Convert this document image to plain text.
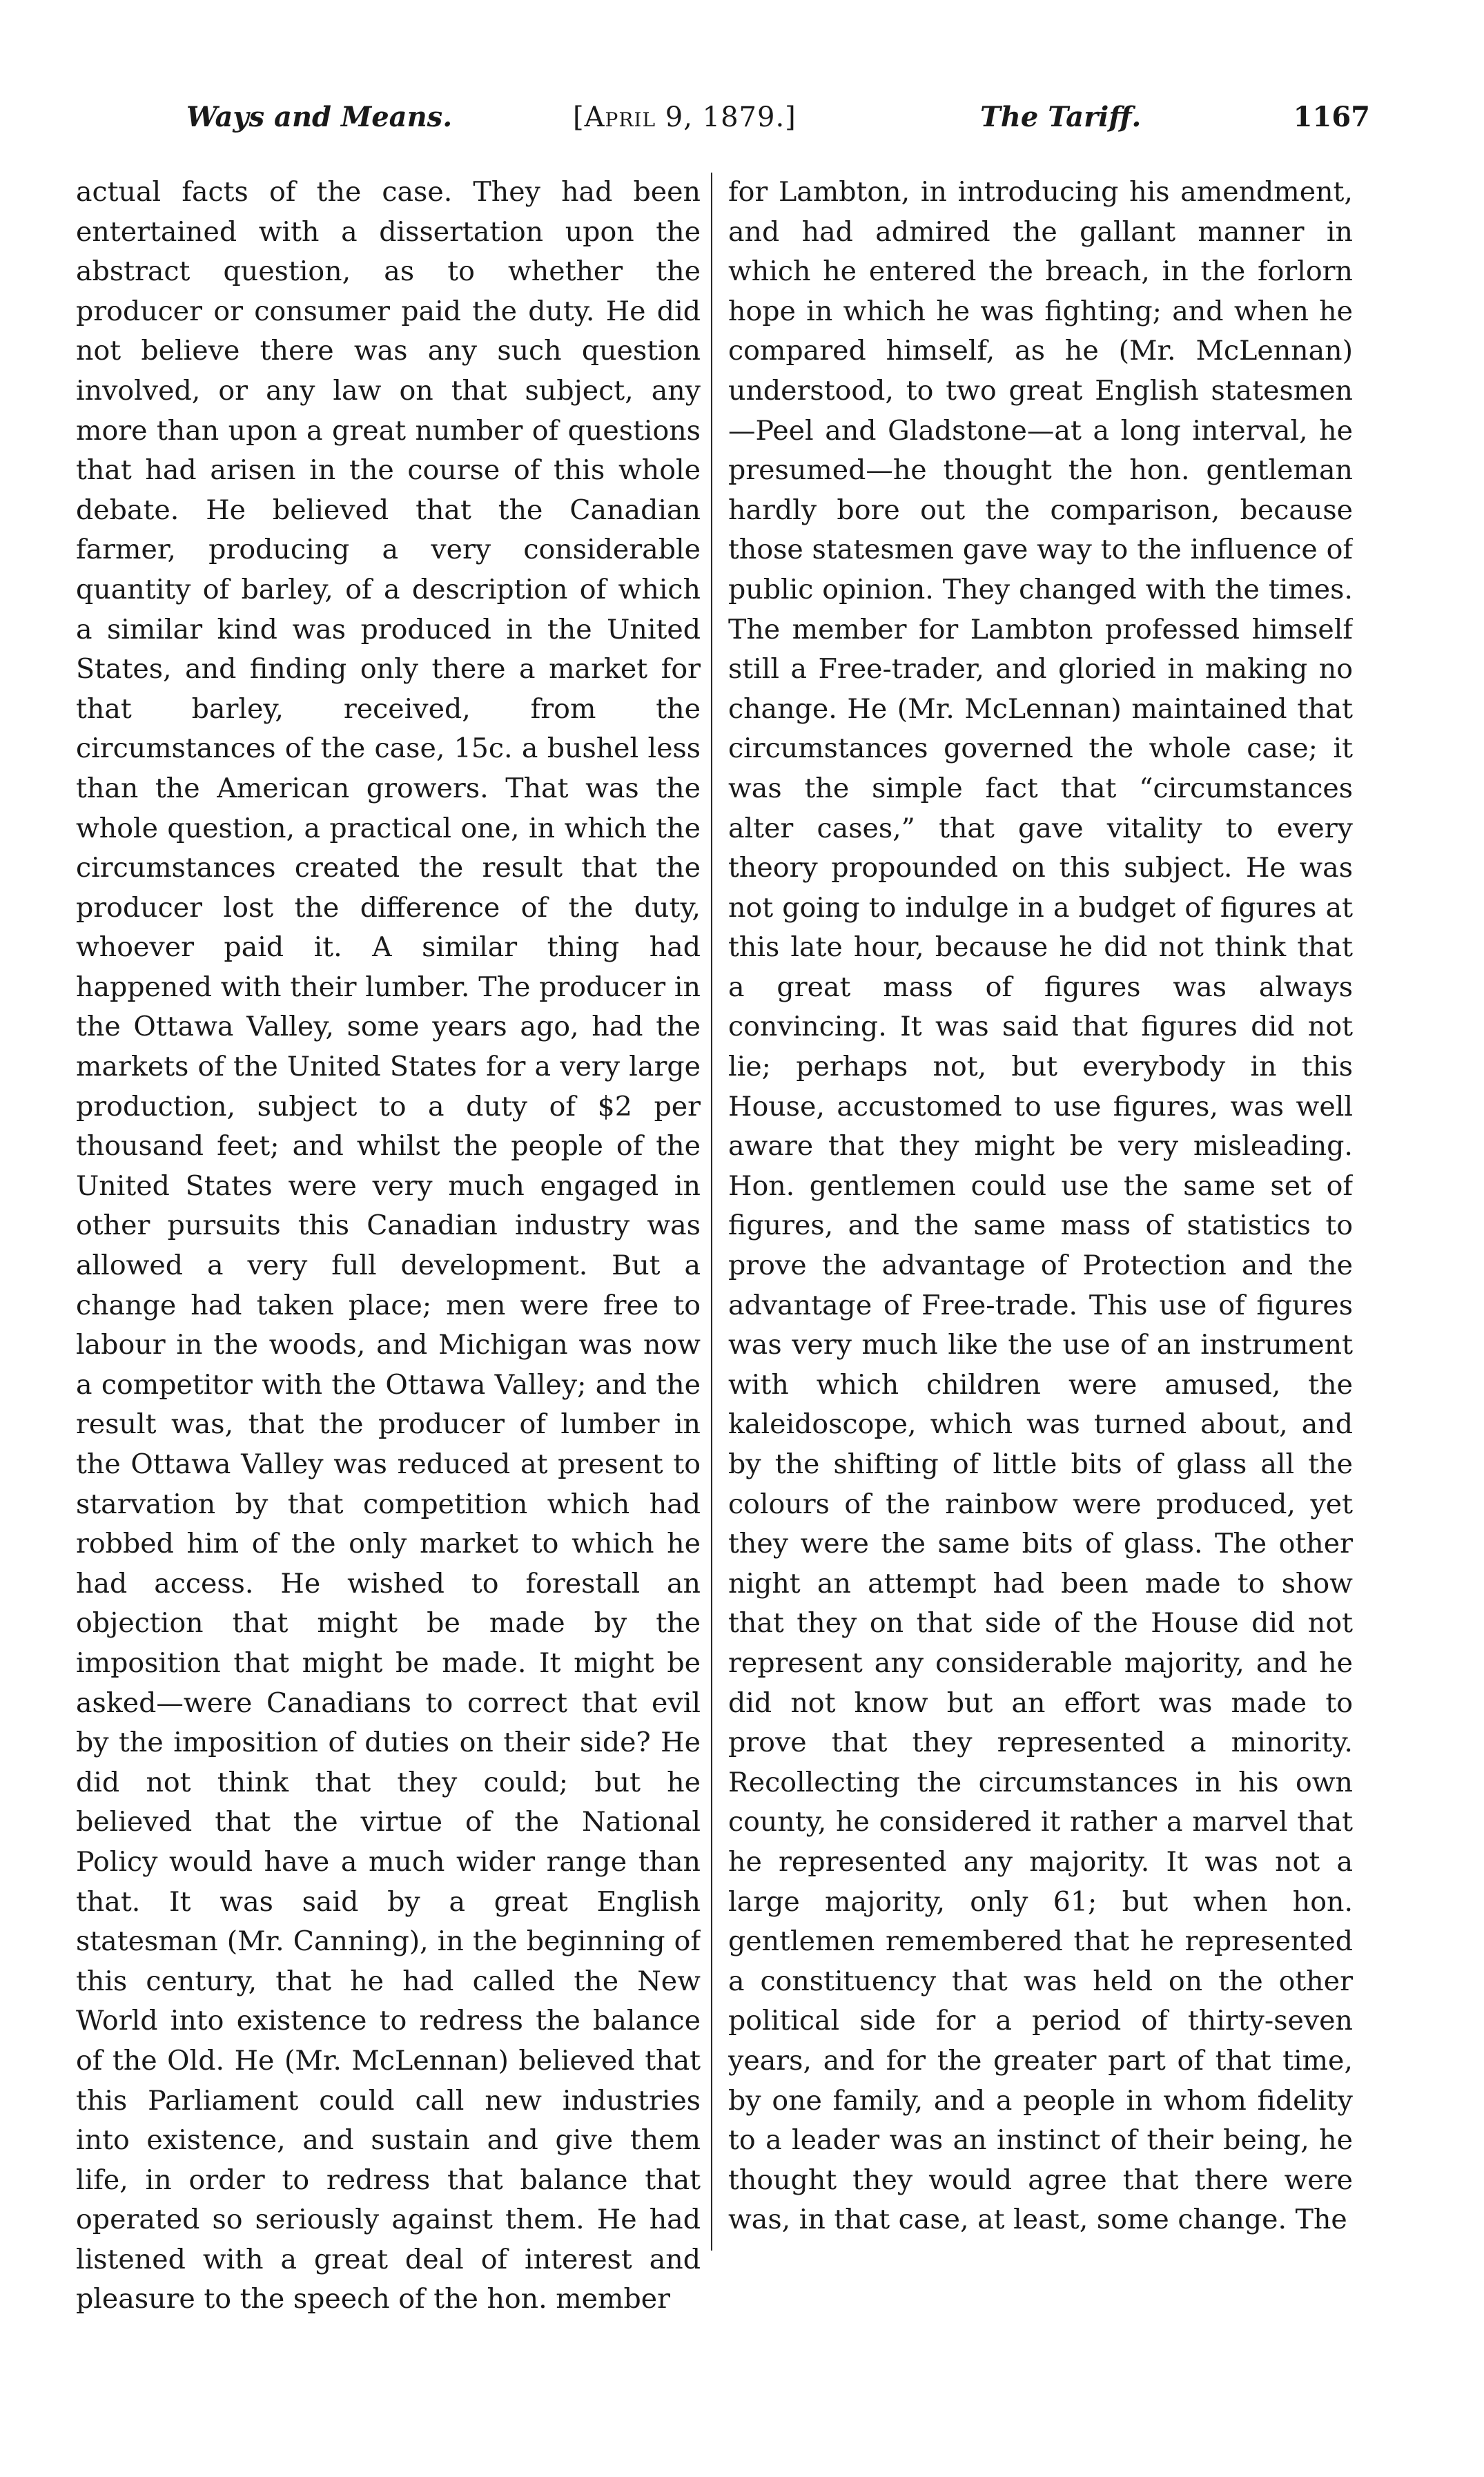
Ways and Means.	[April 9, 1879.]	The Tariff.	1167

actual facts of the case. They had been entertained with a dissertation upon the abstract question, as to whether the producer or consumer paid the duty. He did not believe there was any such question involved, or any law on that subject, any more than upon a great number of questions that had arisen in the course of this whole debate. He believed that the Canadian farmer, producing a very considerable quantity of barley, of a description of which a similar kind was produced in the United States, and finding only there a market for that barley, received, from the circumstances of the case, 15c. a bushel less than the American growers. That was the whole question, a practical one, in which the circumstances created the result that the producer lost the difference of the duty, whoever paid it. A similar thing had happened with their lumber. The producer in the Ottawa Valley, some years ago, had the markets of the United States for a very large production, subject to a duty of $2 per thousand feet; and whilst the people of the United States were very much engaged in other pursuits this Canadian industry was allowed a very full development. But a change had taken place; men were free to labour in the woods, and Michigan was now a competitor with the Ottawa Valley; and the result was, that the producer of lumber in the Ottawa Valley was reduced at present to starvation by that competition which had robbed him of the only market to which he had access. He wished to forestall an objection that might be made by the imposition that might be made. It might be asked—were Canadians to correct that evil by the imposition of duties on their side? He did not think that they could; but he believed that the virtue of the National Policy would have a much wider range than that. It was said by a great English statesman (Mr. Canning), in the beginning of this century, that he had called the New World into existence to redress the balance of the Old. He (Mr. McLennan) believed that this Parliament could call new industries into existence, and sustain and give them life, in order to redress that balance that operated so seriously against them. He had listened with a great deal of interest and pleasure to the speech of the hon. member

for Lambton, in introducing his amendment, and had admired the gallant manner in which he entered the breach, in the forlorn hope in which he was fighting; and when he compared himself, as he (Mr. McLennan) understood, to two great English statesmen—Peel and Gladstone—at a long interval, he presumed—he thought the hon. gentleman hardly bore out the comparison, because those statesmen gave way to the influence of public opinion. They changed with the times. The member for Lambton professed himself still a Free-trader, and gloried in making no change. He (Mr. McLennan) maintained that circumstances governed the whole case; it was the simple fact that “circumstances alter cases,” that gave vitality to every theory propounded on this subject. He was not going to indulge in a budget of figures at this late hour, because he did not think that a great mass of figures was always convincing. It was said that figures did not lie; perhaps not, but everybody in this House, accustomed to use figures, was well aware that they might be very misleading. Hon. gentlemen could use the same set of figures, and the same mass of statistics to prove the advantage of Protection and the advantage of Free-trade. This use of figures was very much like the use of an instrument with which children were amused, the kaleidoscope, which was turned about, and by the shifting of little bits of glass all the colours of the rainbow were produced, yet they were the same bits of glass. The other night an attempt had been made to show that they on that side of the House did not represent any considerable majority, and he did not know but an effort was made to prove that they represented a minority. Recollecting the circumstances in his own county, he considered it rather a marvel that he represented any majority. It was not a large majority, only 61; but when hon. gentlemen remembered that he represented a constituency that was held on the other political side for a period of thirty-seven years, and for the greater part of that time, by one family, and a people in whom fidelity to a leader was an instinct of their being, he thought they would agree that there were was, in that case, at least, some change. The
